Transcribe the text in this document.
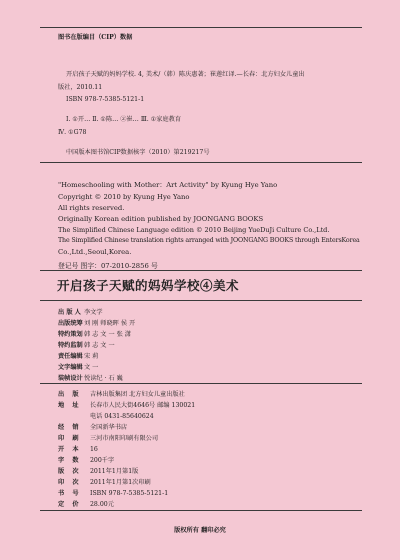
图书在版编目（CIP）数据
开启孩子天赋的妈妈学校. 4, 美术/（韩）陈庆惠著；崔莲红译.—长春：北方妇女儿童出
版社，2010.11
ISBN 978-7-5385-5121-1
Ⅰ. ①开… Ⅱ. ①陈… ②崔… Ⅲ. ①家庭教育
Ⅳ. ①G78
中国版本图书馆CIP数据核字（2010）第219217号
"Homeschooling with Mother：Art Activity" by Kyung Hye Yano
Copyright © 2010 by Kyung Hye Yano
All rights reserved.
Originally Korean edition published by JOONGANG BOOKS
The Simplified Chinese Language edition © 2010 Beijing YueDuJi Culture Co.,Ltd.
The Simplified Chinese translation rights arranged with JOONGANG BOOKS through EntersKorea
Co.,Ltd.,Seoul,Korea.
登记号 图字：07-2010-2856 号
开启孩子天赋的妈妈学校④美术
出 版 人 李文学
出版统筹刘 刚 师晓晖 侯 开
特约策划韩 志 文 一 张 潇
特约监制韩 志 文 一
责任编辑宋 莉
文字编辑文 一
装帧设计悦读纪 · 石 巍
出 版 吉林出版集团 北方妇女儿童出版社
地 址 长春市人民大街4646号 邮编 130021
电话 0431-85640624
经 销 全国新华书店
印 刷 三河市南阳印刷有限公司
开 本 16
字 数 200千字
版 次 2011年1月第1版
印 次 2011年1月第1次印刷
书 号 ISBN 978-7-5385-5121-1
定 价 28.00元
版权所有 翻印必究
